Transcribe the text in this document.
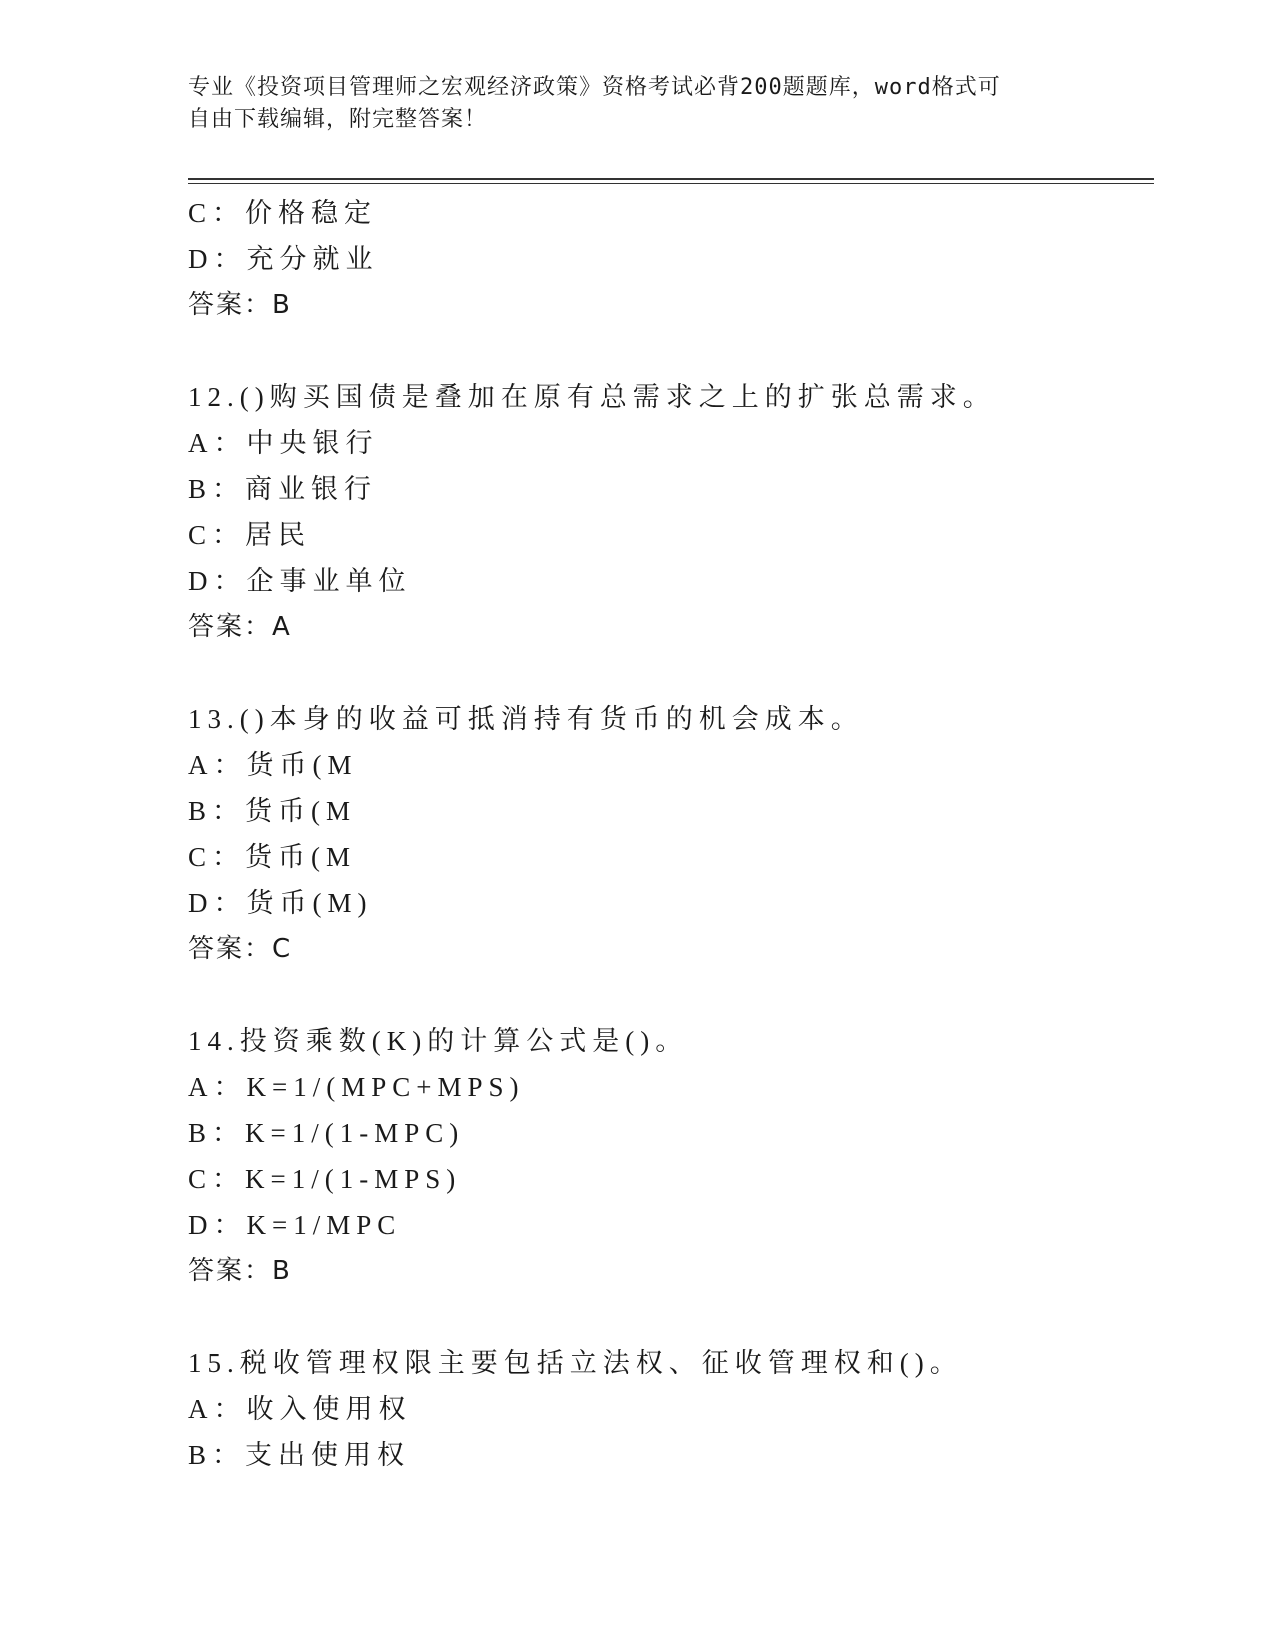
专业《投资项目管理师之宏观经济政策》资格考试必背200题题库，word格式可
自由下载编辑，附完整答案！
C：价格稳定
D：充分就业
答案：B
12.()购买国债是叠加在原有总需求之上的扩张总需求。
A：中央银行
B：商业银行
C：居民
D：企事业单位
答案：A
13.()本身的收益可抵消持有货币的机会成本。
A：货币(M
B：货币(M
C：货币(M
D：货币(M)
答案：C
14.投资乘数(K)的计算公式是()。
A：K=1/(MPC+MPS)
B：K=1/(1-MPC)
C：K=1/(1-MPS)
D：K=1/MPC
答案：B
15.税收管理权限主要包括立法权、征收管理权和()。
A：收入使用权
B：支出使用权
